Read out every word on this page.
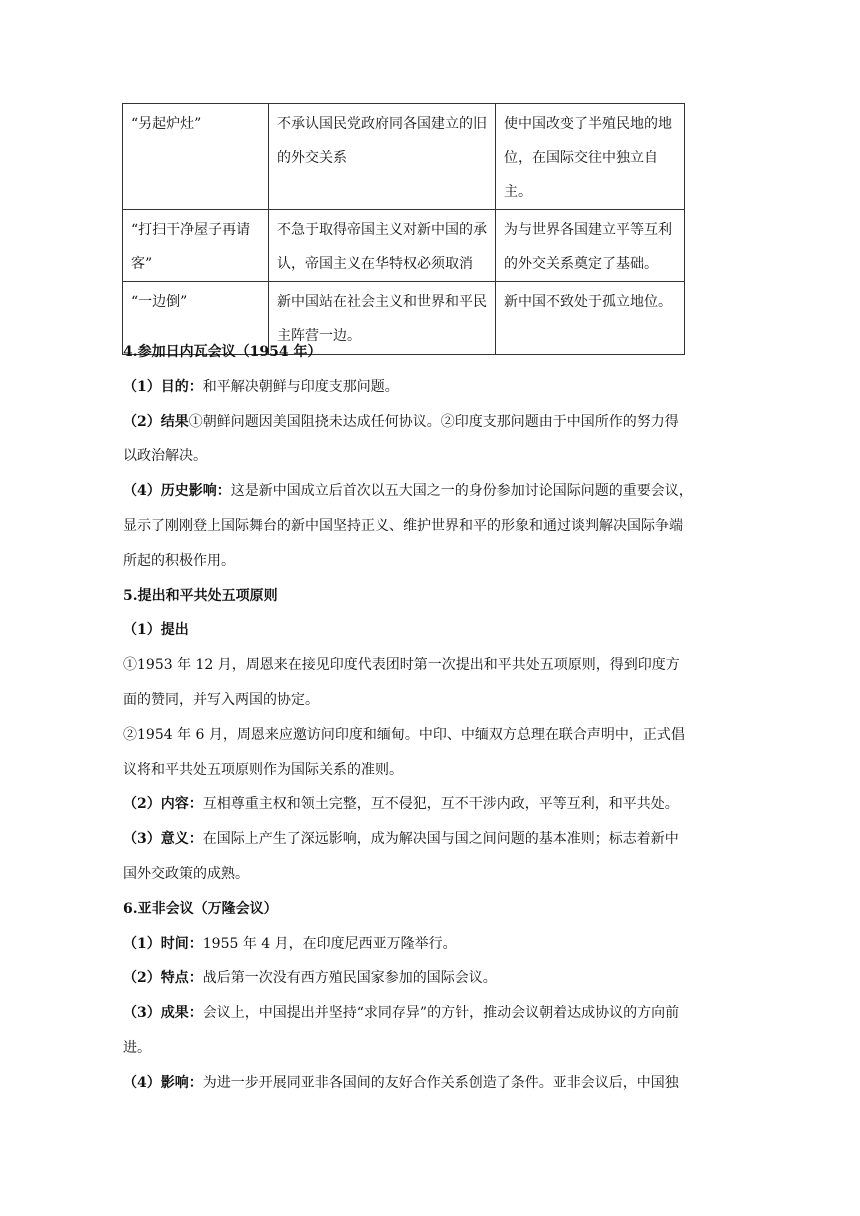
“另起炉灶”	不承认国民党政府同各国建立的旧的外交关系	使中国改变了半殖民地的地位，在国际交往中独立自主。
“打扫干净屋子再请客”	不急于取得帝国主义对新中国的承认，帝国主义在华特权必须取消	为与世界各国建立平等互利的外交关系奠定了基础。
“一边倒”	新中国站在社会主义和世界和平民主阵营一边。	新中国不致处于孤立地位。
4.参加日内瓦会议（1954 年）
（1）目的：和平解决朝鲜与印度支那问题。
（2）结果①朝鲜问题因美国阻挠未达成任何协议。②印度支那问题由于中国所作的努力得
以政治解决。
（4）历史影响：这是新中国成立后首次以五大国之一的身份参加讨论国际问题的重要会议，
显示了刚刚登上国际舞台的新中国坚持正义、维护世界和平的形象和通过谈判解决国际争端
所起的积极作用。
5.提出和平共处五项原则
（1）提出
①1953 年 12 月，周恩来在接见印度代表团时第一次提出和平共处五项原则，得到印度方
面的赞同，并写入两国的协定。
②1954 年 6 月，周恩来应邀访问印度和缅甸。中印、中缅双方总理在联合声明中，正式倡
议将和平共处五项原则作为国际关系的准则。
（2）内容：互相尊重主权和领土完整，互不侵犯，互不干涉内政，平等互利，和平共处。
（3）意义：在国际上产生了深远影响，成为解决国与国之间问题的基本准则；标志着新中
国外交政策的成熟。
6.亚非会议（万隆会议）
（1）时间：1955 年 4 月，在印度尼西亚万隆举行。
（2）特点：战后第一次没有西方殖民国家参加的国际会议。
（3）成果：会议上，中国提出并坚持“求同存异”的方针，推动会议朝着达成协议的方向前
进。
（4）影响：为进一步开展同亚非各国间的友好合作关系创造了条件。亚非会议后，中国独
